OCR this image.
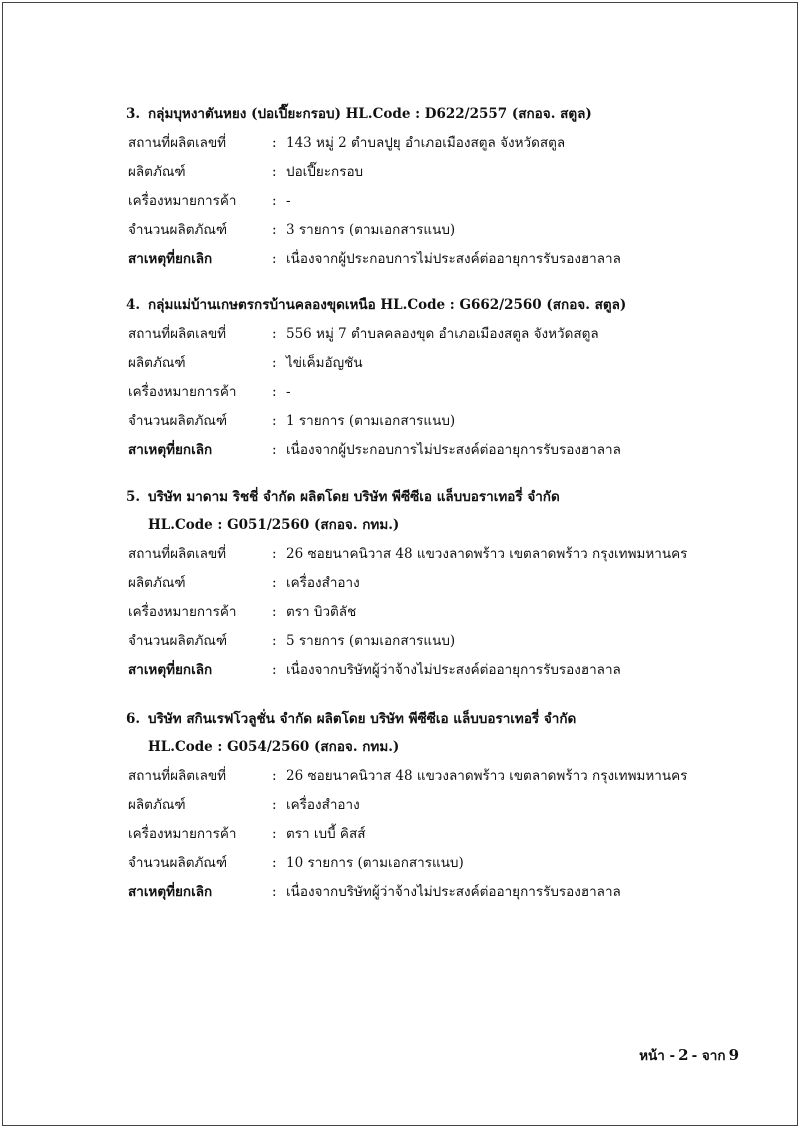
3. กลุ่มบุหงาตันหยง (ปอเปี๊ยะกรอบ) HL.Code : D622/2557 (สกอจ. สตูล)
สถานที่ผลิตเลขที่	: 143 หมู่ 2 ตำบลปูยุ อำเภอเมืองสตูล จังหวัดสตูล
ผลิตภัณฑ์	: ปอเปี๊ยะกรอบ
เครื่องหมายการค้า	: -
จำนวนผลิตภัณฑ์	: 3 รายการ (ตามเอกสารแนบ)
สาเหตุที่ยกเลิก	: เนื่องจากผู้ประกอบการไม่ประสงค์ต่ออายุการรับรองฮาลาล
4. กลุ่มแม่บ้านเกษตรกรบ้านคลองขุดเหนือ HL.Code : G662/2560 (สกอจ. สตูล)
สถานที่ผลิตเลขที่	: 556 หมู่ 7 ตำบลคลองขุด อำเภอเมืองสตูล จังหวัดสตูล
ผลิตภัณฑ์	: ไข่เค็มอัญชัน
เครื่องหมายการค้า	: -
จำนวนผลิตภัณฑ์	: 1 รายการ (ตามเอกสารแนบ)
สาเหตุที่ยกเลิก	: เนื่องจากผู้ประกอบการไม่ประสงค์ต่ออายุการรับรองฮาลาล
5. บริษัท มาดาม ริชชี่ จำกัด ผลิตโดย บริษัท พีซีซีเอ แล็บบอราเทอรี่ จำกัด
HL.Code : G051/2560 (สกอจ. กทม.)
สถานที่ผลิตเลขที่	: 26 ซอยนาคนิวาส 48 แขวงลาดพร้าว เขตลาดพร้าว กรุงเทพมหานคร
ผลิตภัณฑ์	: เครื่องสำอาง
เครื่องหมายการค้า	: ตรา บิวติลัช
จำนวนผลิตภัณฑ์	: 5 รายการ (ตามเอกสารแนบ)
สาเหตุที่ยกเลิก	: เนื่องจากบริษัทผู้ว่าจ้างไม่ประสงค์ต่ออายุการรับรองฮาลาล
6. บริษัท สกินเรฟโวลูชั่น จำกัด ผลิตโดย บริษัท พีซีซีเอ แล็บบอราเทอรี่ จำกัด
HL.Code : G054/2560 (สกอจ. กทม.)
สถานที่ผลิตเลขที่	: 26 ซอยนาคนิวาส 48 แขวงลาดพร้าว เขตลาดพร้าว กรุงเทพมหานคร
ผลิตภัณฑ์	: เครื่องสำอาง
เครื่องหมายการค้า	: ตรา เบบี้ คิสส์
จำนวนผลิตภัณฑ์	: 10 รายการ (ตามเอกสารแนบ)
สาเหตุที่ยกเลิก	: เนื่องจากบริษัทผู้ว่าจ้างไม่ประสงค์ต่ออายุการรับรองฮาลาล
หน้า - 2 - จาก 9
